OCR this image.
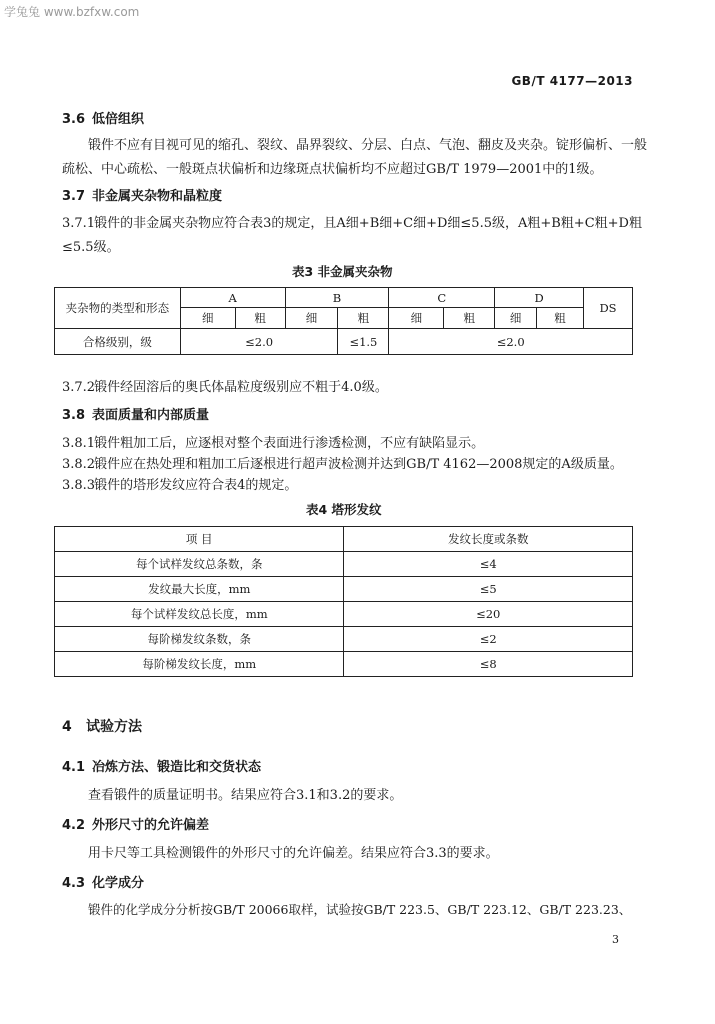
学兔兔 www.bzfxw.com
GB/T 4177—2013
3.6 低倍组织
锻件不应有目视可见的缩孔、裂纹、晶界裂纹、分层、白点、气泡、翻皮及夹杂。锭形偏析、一般
疏松、中心疏松、一般斑点状偏析和边缘斑点状偏析均不应超过GB/T 1979—2001中的1级。
3.7 非金属夹杂物和晶粒度
3.7.1 锻件的非金属夹杂物应符合表3的规定，且A细+B细+C细+D细≤5.5级，A粗+B粗+C粗+D粗
≤5.5级。
表3 非金属夹杂物
夹杂物的类型和形态	A		B		C		D		DS
	细	粗	细	粗	细	粗	细	粗	
合格级别，级	≤2.0			≤1.5	≤2.0				
3.7.2 锻件经固溶后的奥氏体晶粒度级别应不粗于4.0级。
3.8 表面质量和内部质量
3.8.1 锻件粗加工后，应逐根对整个表面进行渗透检测，不应有缺陷显示。
3.8.2 锻件应在热处理和粗加工后逐根进行超声波检测并达到GB/T 4162—2008规定的A级质量。
3.8.3 锻件的塔形发纹应符合表4的规定。
表4 塔形发纹
项 目	发纹长度或条数
每个试样发纹总条数，条	≤4
发纹最大长度，mm	≤5
每个试样发纹总长度，mm	≤20
每阶梯发纹条数，条	≤2
每阶梯发纹长度，mm	≤8
4 试验方法
4.1 冶炼方法、锻造比和交货状态
查看锻件的质量证明书。结果应符合3.1和3.2的要求。
4.2 外形尺寸的允许偏差
用卡尺等工具检测锻件的外形尺寸的允许偏差。结果应符合3.3的要求。
4.3 化学成分
锻件的化学成分分析按GB/T 20066取样，试验按GB/T 223.5、GB/T 223.12、GB/T 223.23、
3
